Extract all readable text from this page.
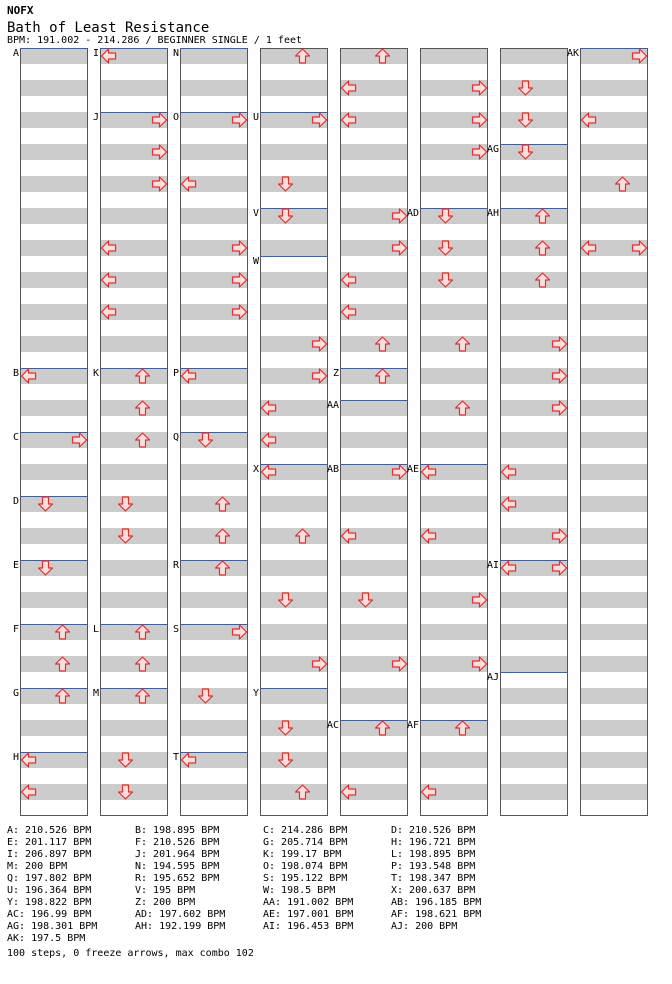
NOFX
Bath of Least Resistance
BPM: 191.002 - 214.286 / BEGINNER SINGLE / 1 feet
A
B
C
D
E
F
G
H
I
J
K
L
M
N
O
P
Q
R
S
T
U
V
W
X
Y
Z
AA
AB
AC
AD
AE
AF
AG
AH
AI
AJ
AK
A: 210.526 BPM	B: 198.895 BPM	C: 214.286 BPM	D: 210.526 BPM
E: 201.117 BPM	F: 210.526 BPM	G: 205.714 BPM	H: 196.721 BPM
I: 206.897 BPM	J: 201.964 BPM	K: 199.17 BPM	L: 198.895 BPM
M: 200 BPM	N: 194.595 BPM	O: 198.074 BPM	P: 193.548 BPM
Q: 197.802 BPM	R: 195.652 BPM	S: 195.122 BPM	T: 198.347 BPM
U: 196.364 BPM	V: 195 BPM	W: 198.5 BPM	X: 200.637 BPM
Y: 198.822 BPM	Z: 200 BPM	AA: 191.002 BPM	AB: 196.185 BPM
AC: 196.99 BPM	AD: 197.602 BPM	AE: 197.001 BPM	AF: 198.621 BPM
AG: 198.301 BPM	AH: 192.199 BPM	AI: 196.453 BPM	AJ: 200 BPM
AK: 197.5 BPM
100 steps, 0 freeze arrows, max combo 102
